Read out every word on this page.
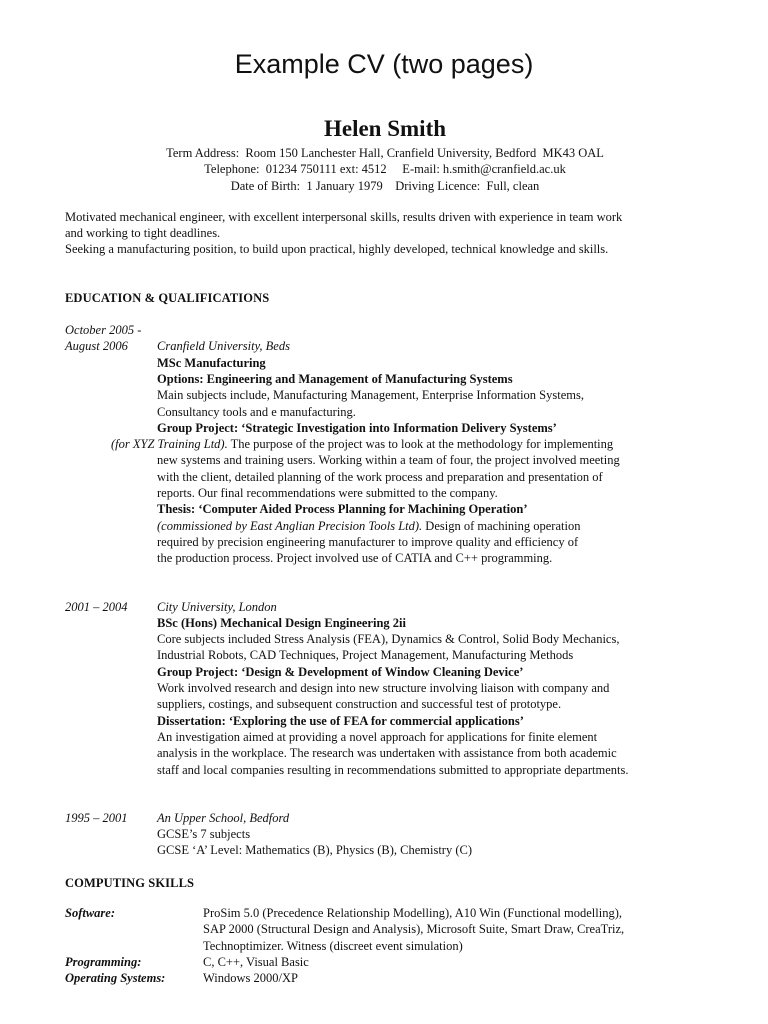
Example CV (two pages)
Helen Smith
Term Address:  Room 150 Lanchester Hall, Cranfield University, Bedford  MK43 OAL
Telephone:  01234 750111 ext: 4512     E-mail: h.smith@cranfield.ac.uk
Date of Birth:  1 January 1979    Driving Licence:  Full, clean
Motivated mechanical engineer, with excellent interpersonal skills, results driven with experience in team work
and working to tight deadlines.
Seeking a manufacturing position, to build upon practical, highly developed, technical knowledge and skills.
EDUCATION & QUALIFICATIONS
October 2005 -
August 2006 Cranfield University, Beds
MSc Manufacturing
Options: Engineering and Management of Manufacturing Systems
Main subjects include, Manufacturing Management, Enterprise Information Systems,
Consultancy tools and e manufacturing.
Group Project: ‘Strategic Investigation into Information Delivery Systems’
(for XYZ Training Ltd). The purpose of the project was to look at the methodology for implementing
new systems and training users. Working within a team of four, the project involved meeting
with the client, detailed planning of the work process and preparation and presentation of
reports. Our final recommendations were submitted to the company.
Thesis: ‘Computer Aided Process Planning for Machining Operation’
(commissioned by East Anglian Precision Tools Ltd). Design of machining operation
required by precision engineering manufacturer to improve quality and efficiency of
the production process. Project involved use of CATIA and C++ programming.
2001 – 2004 City University, London
BSc (Hons) Mechanical Design Engineering 2ii
Core subjects included Stress Analysis (FEA), Dynamics & Control, Solid Body Mechanics,
Industrial Robots, CAD Techniques, Project Management, Manufacturing Methods
Group Project: ‘Design & Development of Window Cleaning Device’
Work involved research and design into new structure involving liaison with company and
suppliers, costings, and subsequent construction and successful test of prototype.
Dissertation: ‘Exploring the use of FEA for commercial applications’
An investigation aimed at providing a novel approach for applications for finite element
analysis in the workplace. The research was undertaken with assistance from both academic
staff and local companies resulting in recommendations submitted to appropriate departments.
1995 – 2001 An Upper School, Bedford
GCSE’s 7 subjects
GCSE ‘A’ Level: Mathematics (B), Physics (B), Chemistry (C)
COMPUTING SKILLS
Software:	ProSim 5.0 (Precedence Relationship Modelling), A10 Win (Functional modelling),
SAP 2000 (Structural Design and Analysis), Microsoft Suite, Smart Draw, CreaTriz,
Technoptimizer. Witness (discreet event simulation)
Programming:	C, C++, Visual Basic
Operating Systems:	Windows 2000/XP
